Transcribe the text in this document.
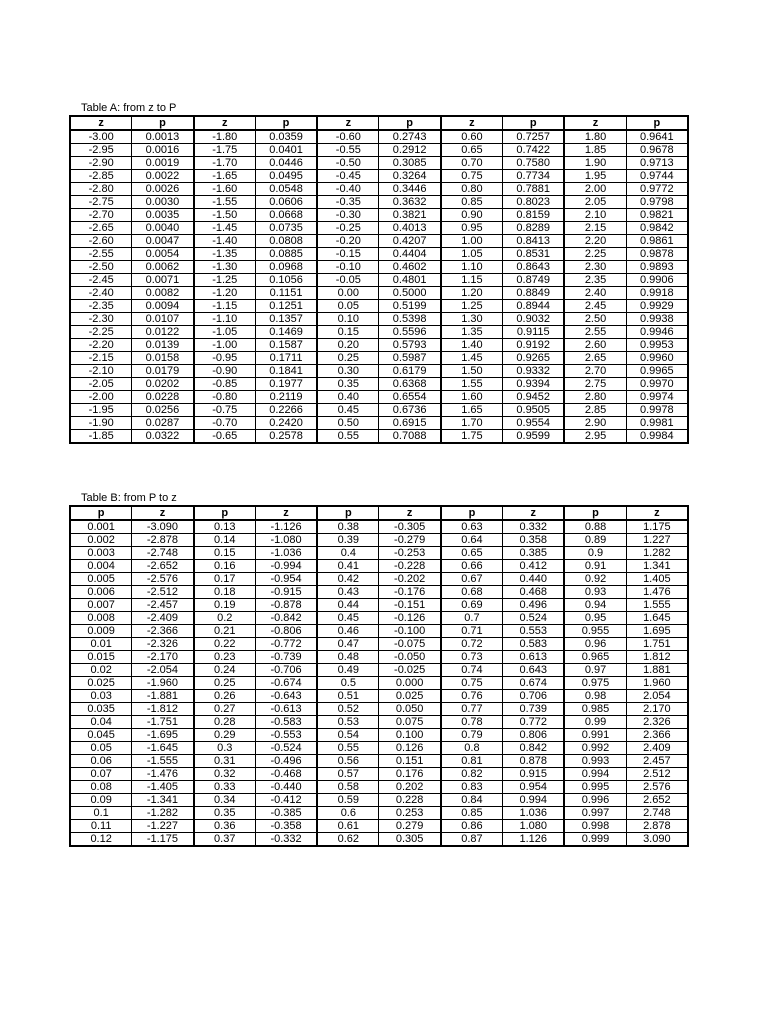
Table A: from z to P
z	p	z	p	z	p	z	p	z	p
-3.00	0.0013	-1.80	0.0359	-0.60	0.2743	0.60	0.7257	1.80	0.9641
-2.95	0.0016	-1.75	0.0401	-0.55	0.2912	0.65	0.7422	1.85	0.9678
-2.90	0.0019	-1.70	0.0446	-0.50	0.3085	0.70	0.7580	1.90	0.9713
-2.85	0.0022	-1.65	0.0495	-0.45	0.3264	0.75	0.7734	1.95	0.9744
-2.80	0.0026	-1.60	0.0548	-0.40	0.3446	0.80	0.7881	2.00	0.9772
-2.75	0.0030	-1.55	0.0606	-0.35	0.3632	0.85	0.8023	2.05	0.9798
-2.70	0.0035	-1.50	0.0668	-0.30	0.3821	0.90	0.8159	2.10	0.9821
-2.65	0.0040	-1.45	0.0735	-0.25	0.4013	0.95	0.8289	2.15	0.9842
-2.60	0.0047	-1.40	0.0808	-0.20	0.4207	1.00	0.8413	2.20	0.9861
-2.55	0.0054	-1.35	0.0885	-0.15	0.4404	1.05	0.8531	2.25	0.9878
-2.50	0.0062	-1.30	0.0968	-0.10	0.4602	1.10	0.8643	2.30	0.9893
-2.45	0.0071	-1.25	0.1056	-0.05	0.4801	1.15	0.8749	2.35	0.9906
-2.40	0.0082	-1.20	0.1151	0.00	0.5000	1.20	0.8849	2.40	0.9918
-2.35	0.0094	-1.15	0.1251	0.05	0.5199	1.25	0.8944	2.45	0.9929
-2.30	0.0107	-1.10	0.1357	0.10	0.5398	1.30	0.9032	2.50	0.9938
-2.25	0.0122	-1.05	0.1469	0.15	0.5596	1.35	0.9115	2.55	0.9946
-2.20	0.0139	-1.00	0.1587	0.20	0.5793	1.40	0.9192	2.60	0.9953
-2.15	0.0158	-0.95	0.1711	0.25	0.5987	1.45	0.9265	2.65	0.9960
-2.10	0.0179	-0.90	0.1841	0.30	0.6179	1.50	0.9332	2.70	0.9965
-2.05	0.0202	-0.85	0.1977	0.35	0.6368	1.55	0.9394	2.75	0.9970
-2.00	0.0228	-0.80	0.2119	0.40	0.6554	1.60	0.9452	2.80	0.9974
-1.95	0.0256	-0.75	0.2266	0.45	0.6736	1.65	0.9505	2.85	0.9978
-1.90	0.0287	-0.70	0.2420	0.50	0.6915	1.70	0.9554	2.90	0.9981
-1.85	0.0322	-0.65	0.2578	0.55	0.7088	1.75	0.9599	2.95	0.9984
Table B: from P to z
p	z	p	z	p	z	p	z	p	z
0.001	-3.090	0.13	-1.126	0.38	-0.305	0.63	0.332	0.88	1.175
0.002	-2.878	0.14	-1.080	0.39	-0.279	0.64	0.358	0.89	1.227
0.003	-2.748	0.15	-1.036	0.4	-0.253	0.65	0.385	0.9	1.282
0.004	-2.652	0.16	-0.994	0.41	-0.228	0.66	0.412	0.91	1.341
0.005	-2.576	0.17	-0.954	0.42	-0.202	0.67	0.440	0.92	1.405
0.006	-2.512	0.18	-0.915	0.43	-0.176	0.68	0.468	0.93	1.476
0.007	-2.457	0.19	-0.878	0.44	-0.151	0.69	0.496	0.94	1.555
0.008	-2.409	0.2	-0.842	0.45	-0.126	0.7	0.524	0.95	1.645
0.009	-2.366	0.21	-0.806	0.46	-0.100	0.71	0.553	0.955	1.695
0.01	-2.326	0.22	-0.772	0.47	-0.075	0.72	0.583	0.96	1.751
0.015	-2.170	0.23	-0.739	0.48	-0.050	0.73	0.613	0.965	1.812
0.02	-2.054	0.24	-0.706	0.49	-0.025	0.74	0.643	0.97	1.881
0.025	-1.960	0.25	-0.674	0.5	0.000	0.75	0.674	0.975	1.960
0.03	-1.881	0.26	-0.643	0.51	0.025	0.76	0.706	0.98	2.054
0.035	-1.812	0.27	-0.613	0.52	0.050	0.77	0.739	0.985	2.170
0.04	-1.751	0.28	-0.583	0.53	0.075	0.78	0.772	0.99	2.326
0.045	-1.695	0.29	-0.553	0.54	0.100	0.79	0.806	0.991	2.366
0.05	-1.645	0.3	-0.524	0.55	0.126	0.8	0.842	0.992	2.409
0.06	-1.555	0.31	-0.496	0.56	0.151	0.81	0.878	0.993	2.457
0.07	-1.476	0.32	-0.468	0.57	0.176	0.82	0.915	0.994	2.512
0.08	-1.405	0.33	-0.440	0.58	0.202	0.83	0.954	0.995	2.576
0.09	-1.341	0.34	-0.412	0.59	0.228	0.84	0.994	0.996	2.652
0.1	-1.282	0.35	-0.385	0.6	0.253	0.85	1.036	0.997	2.748
0.11	-1.227	0.36	-0.358	0.61	0.279	0.86	1.080	0.998	2.878
0.12	-1.175	0.37	-0.332	0.62	0.305	0.87	1.126	0.999	3.090
